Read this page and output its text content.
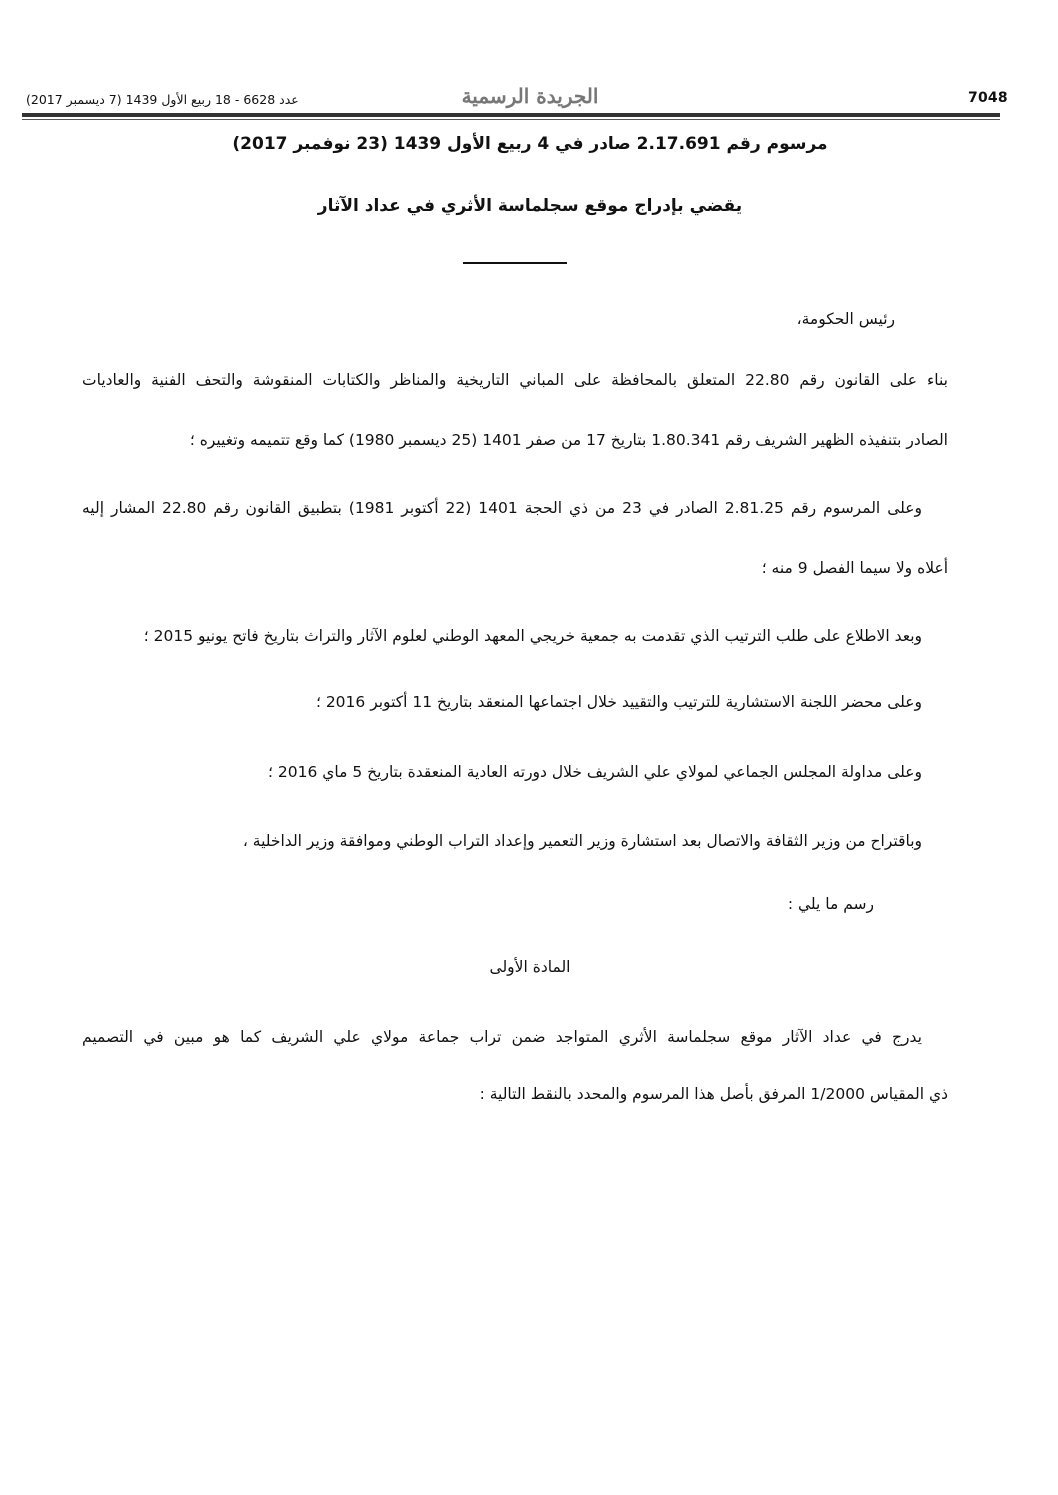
7048
الجريدة الرسمية
عدد 6628 - 18 ربيع الأول 1439 (7 ديسمبر 2017)
مرسوم رقم 2.17.691 صادر في 4 ربيع الأول 1439 (23 نوفمبر 2017)
يقضي بإدراج موقع سجلماسة الأثري في عداد الآثار
رئيس الحكومة،
بناء على القانون رقم 22.80 المتعلق بالمحافظة على المباني التاريخية والمناظر والكتابات المنقوشة والتحف الفنية والعاديات
الصادر بتنفيذه الظهير الشريف رقم 1.80.341 بتاريخ 17 من صفر 1401 (25 ديسمبر 1980) كما وقع تتميمه وتغييره ؛
وعلى المرسوم رقم 2.81.25 الصادر في 23 من ذي الحجة 1401 (22 أكتوبر 1981) بتطبيق القانون رقم 22.80 المشار إليه
أعلاه ولا سيما الفصل 9 منه ؛
وبعد الاطلاع على طلب الترتيب الذي تقدمت به جمعية خريجي المعهد الوطني لعلوم الآثار والتراث بتاريخ فاتح يونيو 2015 ؛
وعلى محضر اللجنة الاستشارية للترتيب والتقييد خلال اجتماعها المنعقد بتاريخ 11 أكتوبر 2016 ؛
وعلى مداولة المجلس الجماعي لمولاي علي الشريف خلال دورته العادية المنعقدة بتاريخ 5 ماي 2016 ؛
وباقتراح من وزير الثقافة والاتصال بعد استشارة وزير التعمير وإعداد التراب الوطني وموافقة وزير الداخلية ،
رسم ما يلي :
المادة الأولى
يدرج في عداد الآثار موقع سجلماسة الأثري المتواجد ضمن تراب جماعة مولاي علي الشريف كما هو مبين في التصميم
ذي المقياس 1/2000 المرفق بأصل هذا المرسوم والمحدد بالنقط التالية :
